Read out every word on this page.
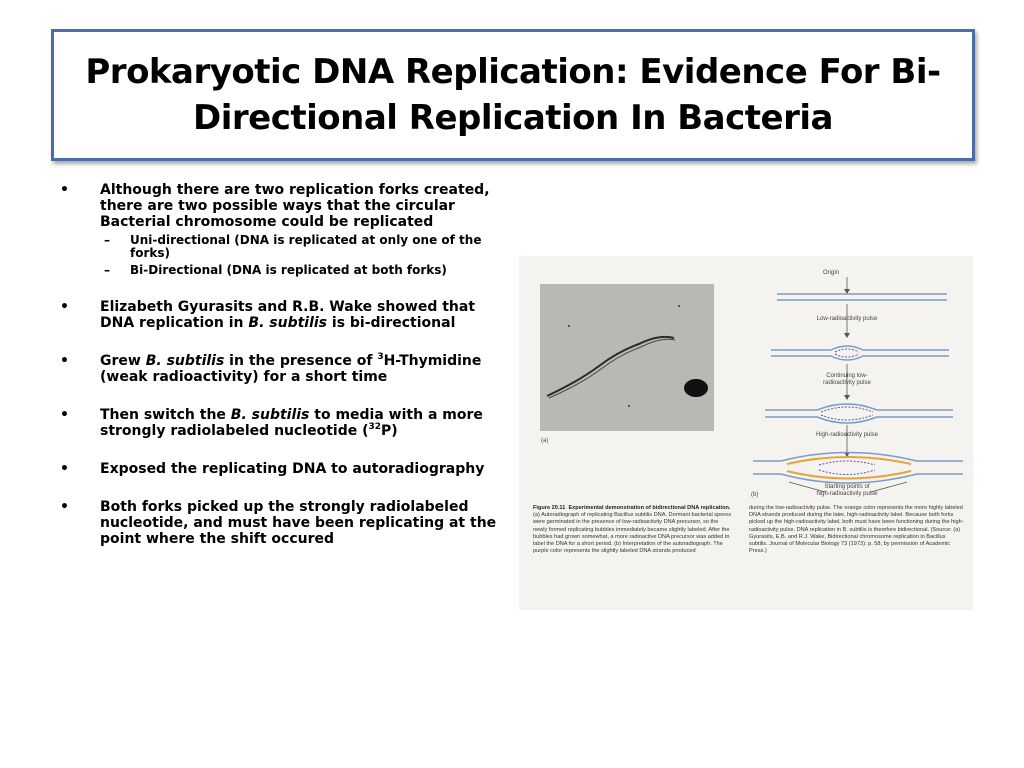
Prokaryotic DNA Replication: Evidence For Bi-Directional Replication In Bacteria
• Although there are two replication forks created, there are two possible ways that the circular Bacterial chromosome could be replicated
– Uni-directional (DNA is replicated at only one of the forks)
– Bi-Directional (DNA is replicated at both forks)
• Elizabeth Gyurasits and R.B. Wake showed that DNA replication in B. subtilis is bi-directional
• Grew B. subtilis in the presence of $^3$H-Thymidine (weak radioactivity) for a short time
• Then switch the B. subtilis to media with a more strongly radiolabeled nucleotide ($^{32}$P)
• Exposed the replicating DNA to autoradiography
• Both forks picked up the strongly radiolabeled nucleotide, and must have been replicating at the point where the shift occured
(a)
Origin
Low-radioactivity pulse
Continuing low-
radioactivity pulse
High-radioactivity pulse
Starting points of
high-radioactivity pulse
(b)
Figure 20.11 Experimental demonstration of bidirectional DNA replication. (a) Autoradiograph of replicating Bacillus subtilis DNA. Dormant bacterial spores were germinated in the presence of low-radioactivity DNA precursor, so the newly formed replicating bubbles immediately became slightly labeled. After the bubbles had grown somewhat, a more radioactive DNA precursor was added to label the DNA for a short period. (b) Interpretation of the autoradiograph. The purple color represents the slightly labeled DNA strands produced
during the low-radioactivity pulse. The orange color represents the more highly labeled DNA strands produced during the later, high-radioactivity label. Because both forks picked up the high-radioactivity label, both must have been functioning during the high-radioactivity pulse. DNA replication in B. subtilis is therefore bidirectional. (Source: (a) Gyurasits, E.B. and R.J. Wake, Bidirectional chromosome replication in Bacillus subtilis. Journal of Molecular Biology 73 (1973): p. 58, by permission of Academic Press.)
